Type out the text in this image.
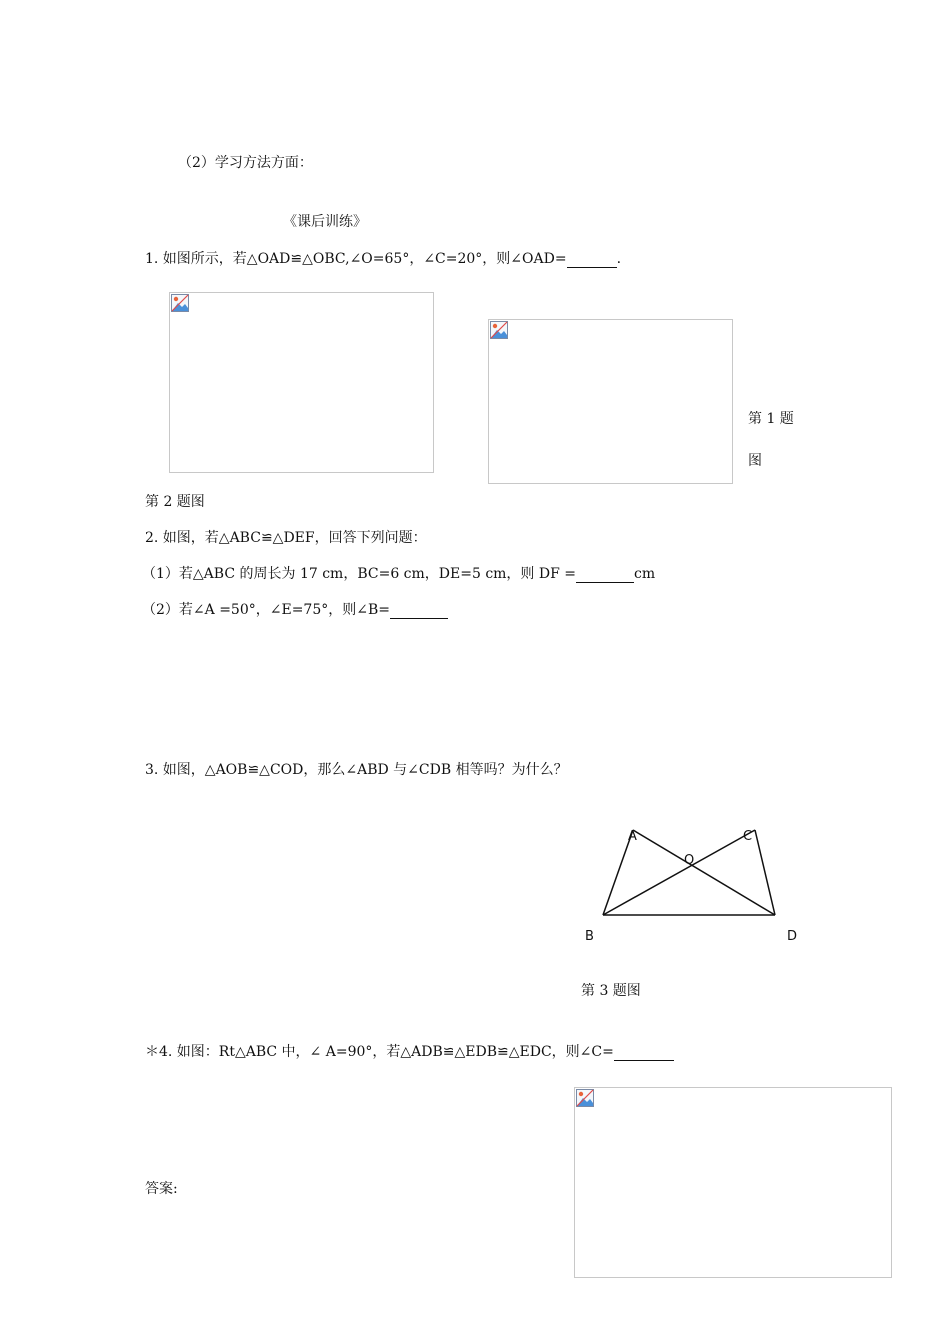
（2）学习方法方面：
《课后训练》
1. 如图所示，若△OAD≌△OBC,∠O=65°，∠C=20°，则∠OAD=	.
第 1 题
图
第 2 题图
2. 如图，若△ABC≌△DEF，回答下列问题：
（1）若△ABC 的周长为 17 cm，BC=6 cm，DE=5 cm，则 DF =	cm
（2）若∠A =50°，∠E=75°，则∠B=
3. 如图，△AOB≌△COD，那么∠ABD 与∠CDB 相等吗？为什么？
A	C
O
B	D
第 3 题图
＊4. 如图：Rt△ABC 中，∠ A=90°，若△ADB≌△EDB≌△EDC，则∠C=
答案:
